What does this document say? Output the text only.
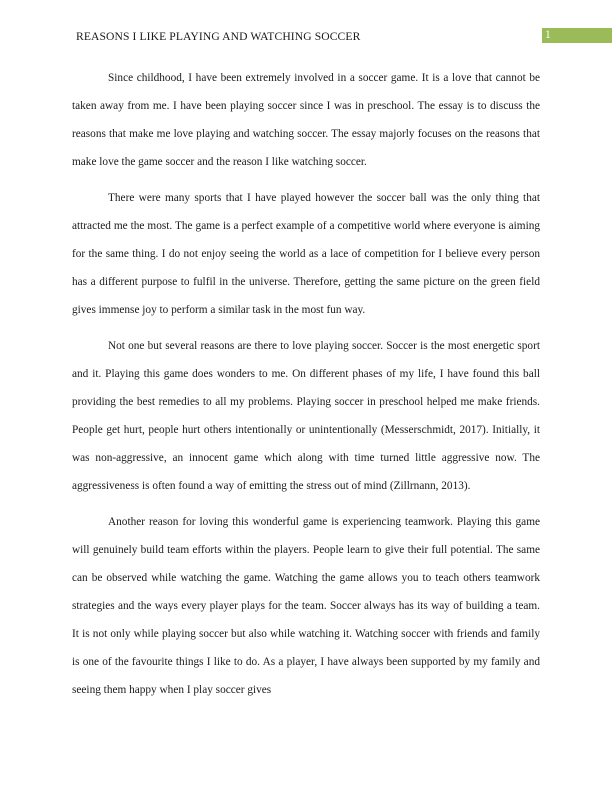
REASONS I LIKE PLAYING AND WATCHING SOCCER	1

Since childhood, I have been extremely involved in a soccer game. It is a love that cannot be taken away from me. I have been playing soccer since I was in preschool. The essay is to discuss the reasons that make me love playing and watching soccer. The essay majorly focuses on the reasons that make love the game soccer and the reason I like watching soccer.

There were many sports that I have played however the soccer ball was the only thing that attracted me the most. The game is a perfect example of a competitive world where everyone is aiming for the same thing. I do not enjoy seeing the world as a lace of competition for I believe every person has a different purpose to fulfil in the universe. Therefore, getting the same picture on the green field gives immense joy to perform a similar task in the most fun way.

Not one but several reasons are there to love playing soccer. Soccer is the most energetic sport and it. Playing this game does wonders to me. On different phases of my life, I have found this ball providing the best remedies to all my problems. Playing soccer in preschool helped me make friends. People get hurt, people hurt others intentionally or unintentionally (Messerschmidt, 2017). Initially, it was non-aggressive, an innocent game which along with time turned little aggressive now. The aggressiveness is often found a way of emitting the stress out of mind (Zillrnann, 2013).

Another reason for loving this wonderful game is experiencing teamwork. Playing this game will genuinely build team efforts within the players. People learn to give their full potential. The same can be observed while watching the game. Watching the game allows you to teach others teamwork strategies and the ways every player plays for the team. Soccer always has its way of building a team. It is not only while playing soccer but also while watching it. Watching soccer with friends and family is one of the favourite things I like to do. As a player, I have always been supported by my family and seeing them happy when I play soccer gives
